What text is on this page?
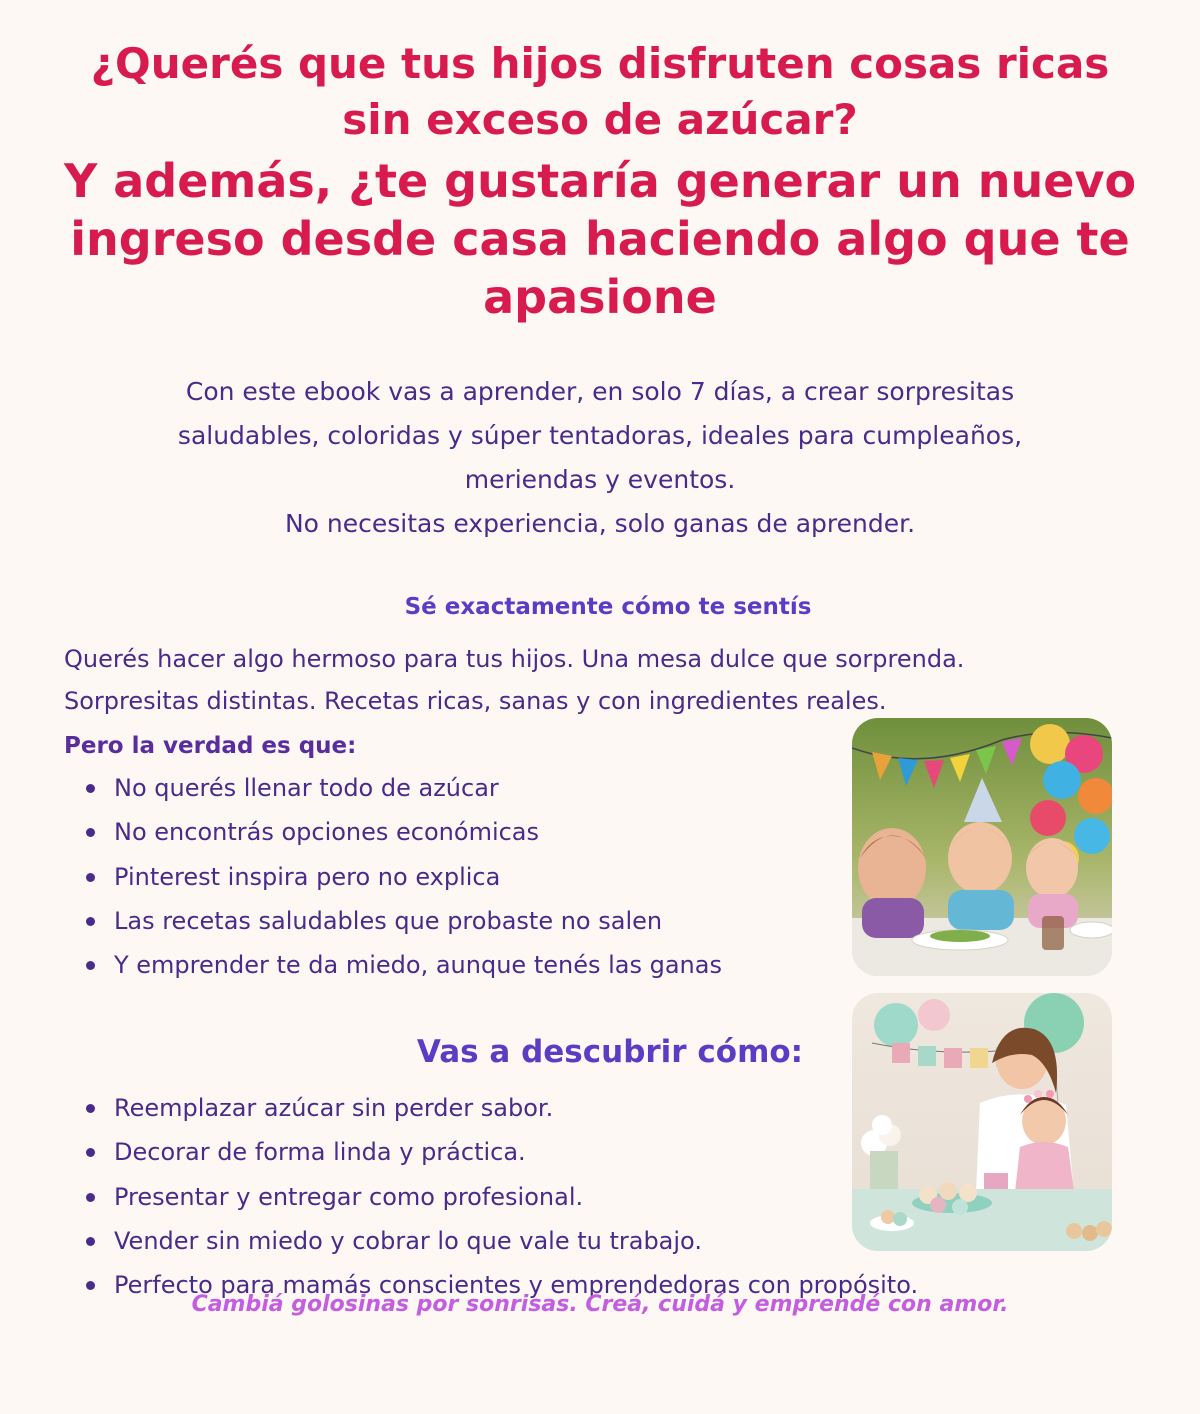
¿Querés que tus hijos disfruten cosas ricas sin exceso de azúcar?
Y además, ¿te gustaría generar un nuevo ingreso desde casa haciendo algo que te apasione

Con este ebook vas a aprender, en solo 7 días, a crear sorpresitas
saludables, coloridas y súper tentadoras, ideales para cumpleaños,
meriendas y eventos.
No necesitas experiencia, solo ganas de aprender.

Sé exactamente cómo te sentís

Querés hacer algo hermoso para tus hijos. Una mesa dulce que sorprenda.
Sorpresitas distintas. Recetas ricas, sanas y con ingredientes reales.

Pero la verdad es que:

No querés llenar todo de azúcar
No encontrás opciones económicas
Pinterest inspira pero no explica
Las recetas saludables que probaste no salen
Y emprender te da miedo, aunque tenés las ganas
Vas a descubrir cómo:
Reemplazar azúcar sin perder sabor.
Decorar de forma linda y práctica.
Presentar y entregar como profesional.
Vender sin miedo y cobrar lo que vale tu trabajo.
Perfecto para mamás conscientes y emprendedoras con propósito.

Cambiá golosinas por sonrisas. Creá, cuidá y emprendé con amor.
